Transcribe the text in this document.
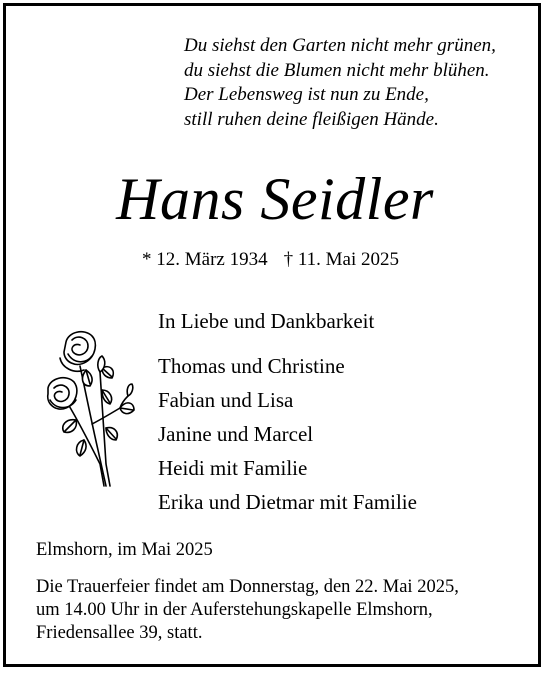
Du siehst den Garten nicht mehr grünen,
du siehst die Blumen nicht mehr blühen.
Der Lebensweg ist nun zu Ende,
still ruhen deine fleißigen Hände.
Hans Seidler
* 12. März 1934 † 11. Mai 2025
In Liebe und Dankbarkeit
Thomas und Christine
Fabian und Lisa
Janine und Marcel
Heidi mit Familie
Erika und Dietmar mit Familie
Elmshorn, im Mai 2025
Die Trauerfeier findet am Donnerstag, den 22. Mai 2025,
um 14.00 Uhr in der Auferstehungskapelle Elmshorn,
Friedensallee 39, statt.
